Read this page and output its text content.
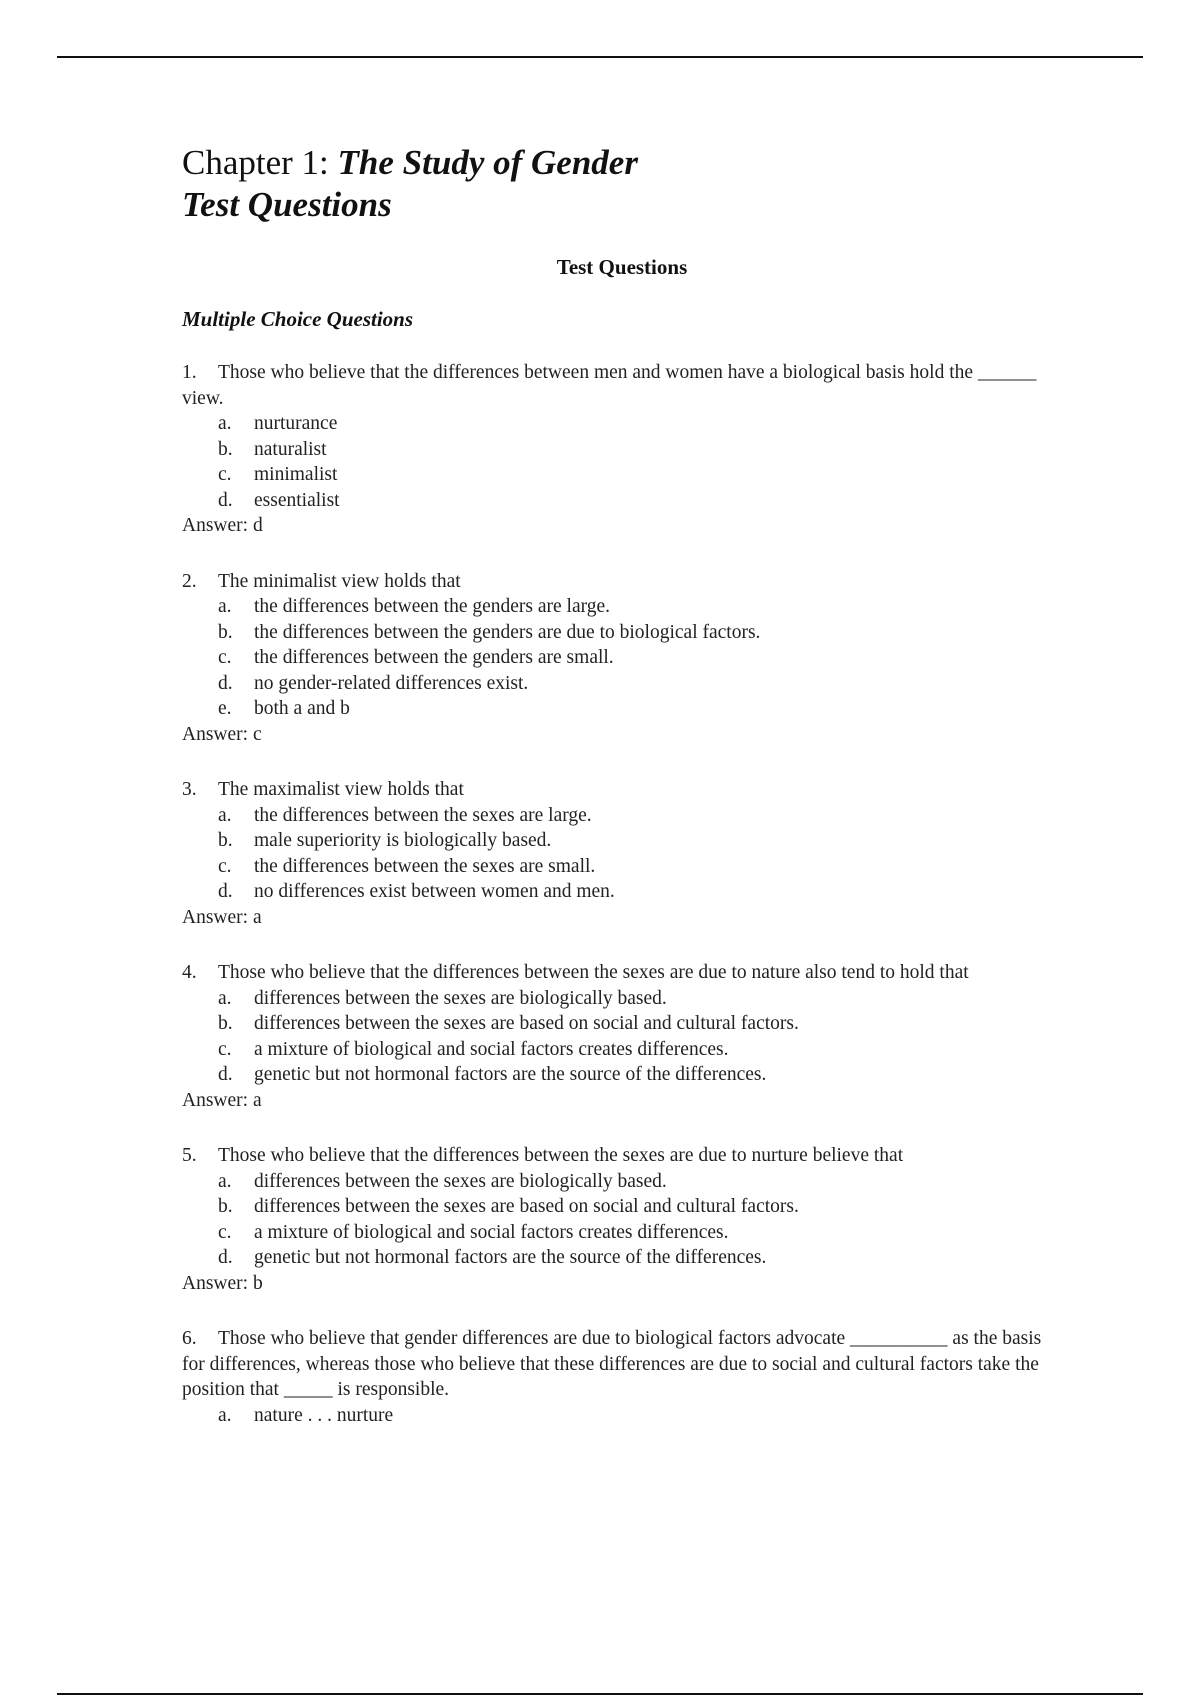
Chapter 1: The Study of Gender
Test Questions
Test Questions
Multiple Choice Questions

1. Those who believe that the differences between men and women have a biological basis hold the ______ view.

a. nurturance
b. naturalist
c. minimalist
d. essentialist

Answer: d

2. The minimalist view holds that

a. the differences between the genders are large.
b. the differences between the genders are due to biological factors.
c. the differences between the genders are small.
d. no gender-related differences exist.
e. both a and b

Answer: c

3. The maximalist view holds that

a. the differences between the sexes are large.
b. male superiority is biologically based.
c. the differences between the sexes are small.
d. no differences exist between women and men.

Answer: a

4. Those who believe that the differences between the sexes are due to nature also tend to hold that

a. differences between the sexes are biologically based.
b. differences between the sexes are based on social and cultural factors.
c. a mixture of biological and social factors creates differences.
d. genetic but not hormonal factors are the source of the differences.

Answer: a

5. Those who believe that the differences between the sexes are due to nurture believe that

a. differences between the sexes are biologically based.
b. differences between the sexes are based on social and cultural factors.
c. a mixture of biological and social factors creates differences.
d. genetic but not hormonal factors are the source of the differences.

Answer: b

6. Those who believe that gender differences are due to biological factors advocate __________ as the basis for differences, whereas those who believe that these differences are due to social and cultural factors take the position that _____ is responsible.

a. nature . . . nurture
